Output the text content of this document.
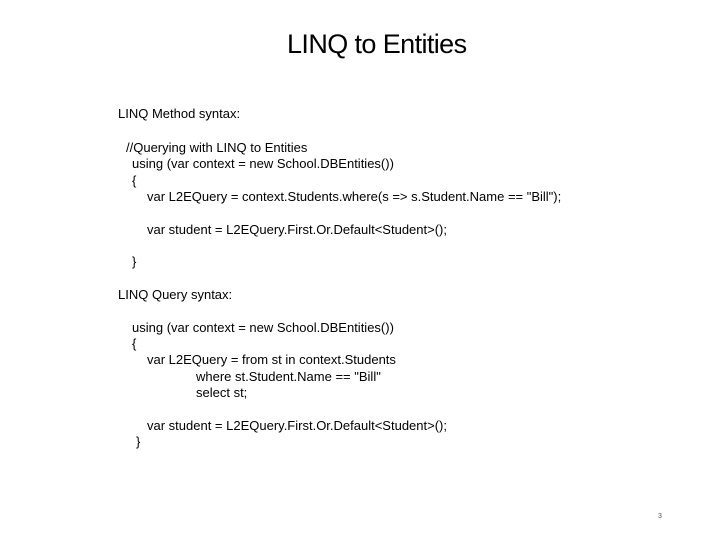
LINQ to Entities

LINQ Method syntax:

//Querying with LINQ to Entities

using (var context = new School.DBEntities())

{

var L2EQuery = context.Students.where(s => s.Student.Name == "Bill");

var student = L2EQuery.First.Or.Default<Student>();

}

LINQ Query syntax:

using (var context = new School.DBEntities())

{

var L2EQuery = from st in context.Students

where st.Student.Name == "Bill"

select st;

var student = L2EQuery.First.Or.Default<Student>();

}

3
